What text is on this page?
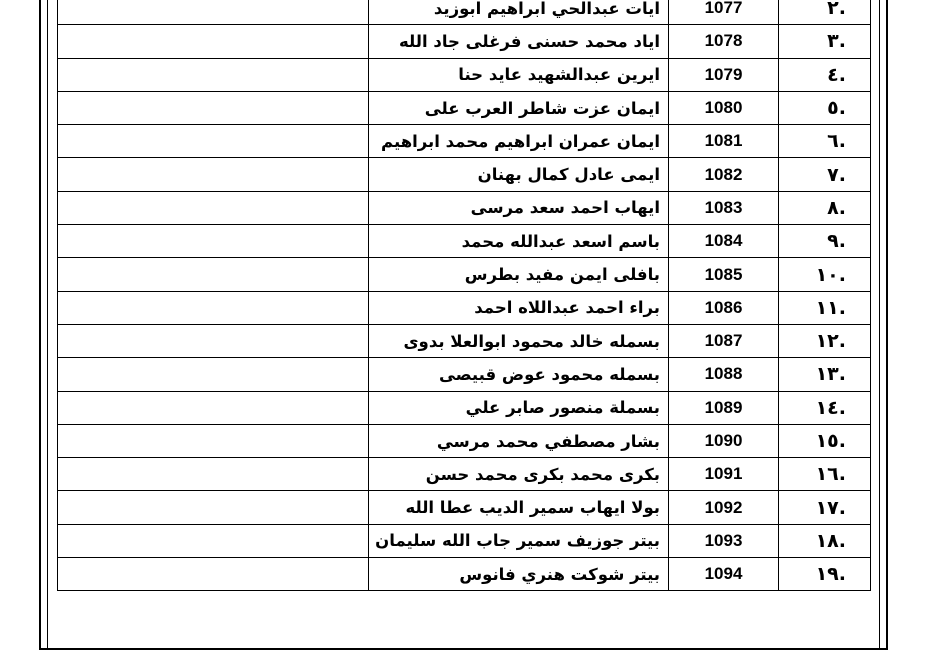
.٢	1077	ايات عبدالحي ابراهيم ابوزيد	
.٣	1078	اياد محمد حسنى فرغلى جاد الله	
.٤	1079	ايرين عبدالشهيد عايد حنا	
.٥	1080	ايمان عزت شاطر العرب على	
.٦	1081	ايمان عمران ابراهيم محمد ابراهيم	
.٧	1082	ايمى عادل كمال بهنان	
.٨	1083	ايهاب احمد سعد مرسى	
.٩	1084	باسم اسعد عبدالله محمد	
.١٠	1085	بافلى ايمن مفيد بطرس	
.١١	1086	براء احمد عبداللاه احمد	
.١٢	1087	بسمله خالد محمود ابوالعلا بدوى	
.١٣	1088	بسمله محمود عوض قبيصى	
.١٤	1089	بسملة منصور صابر علي	
.١٥	1090	بشار مصطفي محمد مرسي	
.١٦	1091	بكرى محمد بكرى محمد حسن	
.١٧	1092	بولا ايهاب سمير الديب عطا الله	
.١٨	1093	بيتر جوزيف سمير جاب الله سليمان	
.١٩	1094	بيتر شوكت هنري فانوس	
